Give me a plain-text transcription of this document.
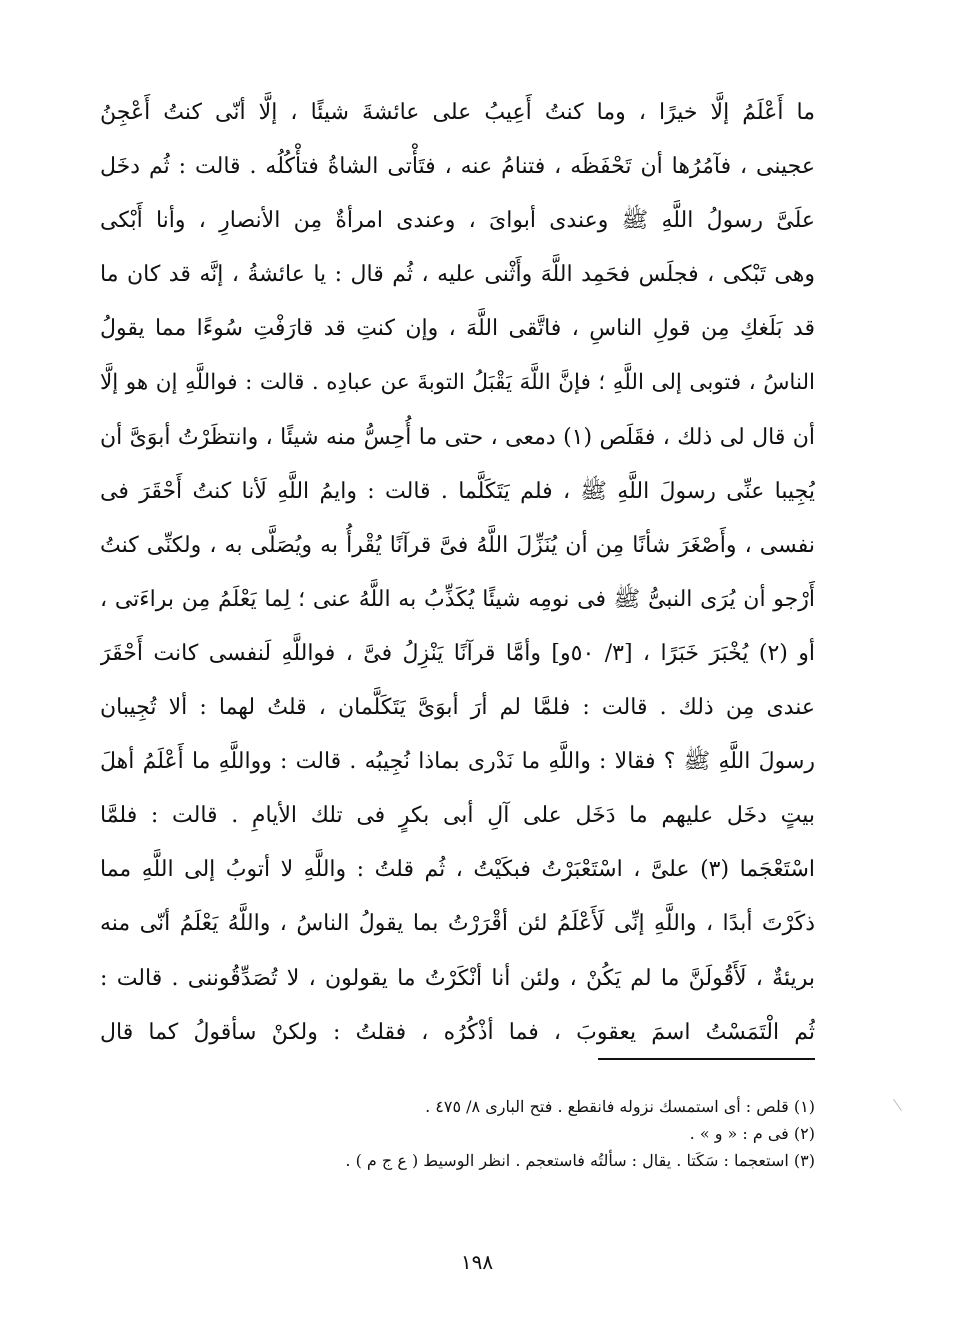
ما أَعْلَمُ إلَّا خيرًا ، وما كنتُ أَعِيبُ على عائشةَ شيئًا ، إلَّا أنّى كنتُ أَعْجِنُ
عجينى ، فآمُرُها أن تَحْفَظَه ، فتنامُ عنه ، فتَأْتى الشاةُ فتأْكُلُه . قالت : ثُم دخَل
علَىَّ رسولُ اللَّهِ ﷺ وعندى أبوایَ ، وعندى امرأةٌ مِن الأنصارِ ، وأنا أَبْكى
وهى تَبْكى ، فجلَس فحَمِد اللَّهَ وأَثْنى عليه ، ثُم قال : يا عائشةُ ، إنَّه قد كان ما
قد بَلَغكِ مِن قولِ الناسِ ، فاتَّقى اللَّهَ ، وإن كنتِ قد قارَفْتِ سُوءًا مما يقولُ
الناسُ ، فتوبى إلى اللَّهِ ؛ فإنَّ اللَّهَ يَقْبَلُ التوبةَ عن عبادِه . قالت : فواللَّهِ إن هو إلَّا
أن قال لى ذلك ، فقَلَص (١) دمعى ، حتى ما أُحِسُّ منه شيئًا ، وانتظَرْتُ أبوَیَّ أن
يُجِيبا عنِّى رسولَ اللَّهِ ﷺ ، فلم يَتَكَلَّما . قالت : وايمُ اللَّهِ لَأنا كنتُ أَحْقَرَ فى
نفسى ، وأَصْغَرَ شأنًا مِن أن يُنَزِّلَ اللَّهُ فىَّ قرآنًا يُقْرأُ به ويُصَلَّى به ، ولكنِّى كنتُ
أَرْجو أن يُرَى النبىُّ ﷺ فى نومِه شيئًا يُكَذِّبُ به اللَّهُ عنى ؛ لِما يَعْلَمُ مِن براءَتى ،
أو (٢) يُخْبَرَ خَبَرًا ، [٣/ ٥٠و] وأمَّا قرآنًا يَنْزِلُ فىَّ ، فواللَّهِ لَنفسى كانت أَحْقَرَ
عندى مِن ذلك . قالت : فلمَّا لم أرَ أبوَیَّ يَتَكَلَّمان ، قلتُ لهما : ألا تُجِيبان
رسولَ اللَّهِ ﷺ ؟ فقالا : واللَّهِ ما نَدْرى بماذا نُجِيبُه . قالت : وواللَّهِ ما أَعْلَمُ أهلَ
بيتٍ دخَل عليهم ما دَخَل على آلِ أبى بكرٍ فى تلك الأيامِ . قالت : فلمَّا
اسْتَعْجَما (٣) علىَّ ، اسْتَعْبَرْتُ فبكَيْتُ ، ثُم قلتُ : واللَّهِ لا أتوبُ إلى اللَّهِ مما
ذكَرْتَ أبدًا ، واللَّهِ إنِّى لَأَعْلَمُ لئن أقْرَرْتُ بما يقولُ الناسُ ، واللَّهُ يَعْلَمُ أنّى منه
بريئةٌ ، لَأَقُولَنَّ ما لم يَكُنْ ، ولئن أنا أنْكَرْتُ ما يقولون ، لا تُصَدِّقُوننى . قالت :
ثُم الْتَمَسْتُ اسمَ يعقوبَ ، فما أذْكُرُه ، فقلتُ : ولكنْ سأقولُ كما قال
(١) قلص : أى استمسك نزوله فانقطع . فتح البارى ٨/ ٤٧٥ .
(٢) فى م : « و » .
(٣) استعجما : سَكَتا . يقال : سألتُه فاستعجم . انظر الوسيط ( ع ج م ) .
١٩٨
